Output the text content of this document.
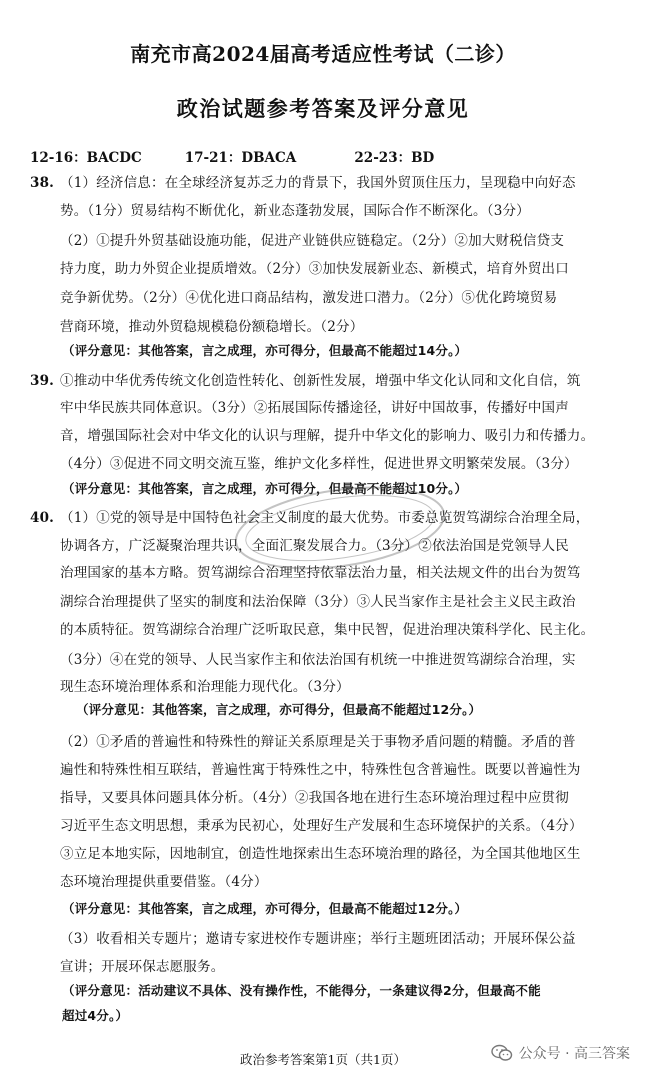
南充市高2024届高考适应性考试（二诊）
政治试题参考答案及评分意见
12-16：BACDC	17-21：DBACA	22-23：BD
38. （1）经济信息：在全球经济复苏乏力的背景下，我国外贸顶住压力，呈现稳中向好态
势。（1分）贸易结构不断优化，新业态蓬勃发展，国际合作不断深化。（3分）
（2）①提升外贸基础设施功能，促进产业链供应链稳定。（2分）②加大财税信贷支
持力度，助力外贸企业提质增效。（2分）③加快发展新业态、新模式，培育外贸出口
竞争新优势。（2分）④优化进口商品结构，激发进口潜力。（2分）⑤优化跨境贸易
营商环境，推动外贸稳规模稳份额稳增长。（2分）
（评分意见：其他答案，言之成理，亦可得分，但最高不能超过14分。）
39. ①推动中华优秀传统文化创造性转化、创新性发展，增强中华文化认同和文化自信，筑
牢中华民族共同体意识。（3分）②拓展国际传播途径，讲好中国故事，传播好中国声
音，增强国际社会对中华文化的认识与理解，提升中华文化的影响力、吸引力和传播力。
（4分）③促进不同文明交流互鉴，维护文化多样性，促进世界文明繁荣发展。（3分）
（评分意见：其他答案，言之成理，亦可得分，但最高不能超过10分。）
40. （1）①党的领导是中国特色社会主义制度的最大优势。市委总览贺笃湖综合治理全局，
协调各方，广泛凝聚治理共识，全面汇聚发展合力。（3分）②依法治国是党领导人民
治理国家的基本方略。贺笃湖综合治理坚持依靠法治力量，相关法规文件的出台为贺笃
湖综合治理提供了坚实的制度和法治保障（3分）③人民当家作主是社会主义民主政治
的本质特征。贺笃湖综合治理广泛听取民意，集中民智，促进治理决策科学化、民主化。
（3分）④在党的领导、人民当家作主和依法治国有机统一中推进贺笃湖综合治理，实
现生态环境治理体系和治理能力现代化。（3分）
（评分意见：其他答案，言之成理，亦可得分，但最高不能超过12分。）
（2）①矛盾的普遍性和特殊性的辩证关系原理是关于事物矛盾问题的精髓。矛盾的普
遍性和特殊性相互联结，普遍性寓于特殊性之中，特殊性包含普遍性。既要以普遍性为
指导，又要具体问题具体分析。（4分）②我国各地在进行生态环境治理过程中应贯彻
习近平生态文明思想，秉承为民初心，处理好生产发展和生态环境保护的关系。（4分）
③立足本地实际，因地制宜，创造性地探索出生态环境治理的路径，为全国其他地区生
态环境治理提供重要借鉴。（4分）
（评分意见：其他答案，言之成理，亦可得分，但最高不能超过12分。）
（3）收看相关专题片；邀请专家进校作专题讲座；举行主题班团活动；开展环保公益
宣讲；开展环保志愿服务。
（评分意见：活动建议不具体、没有操作性，不能得分，一条建议得2分，但最高不能
超过4分。）
政治参考答案第1页（共1页）	公众号 · 高三答案
